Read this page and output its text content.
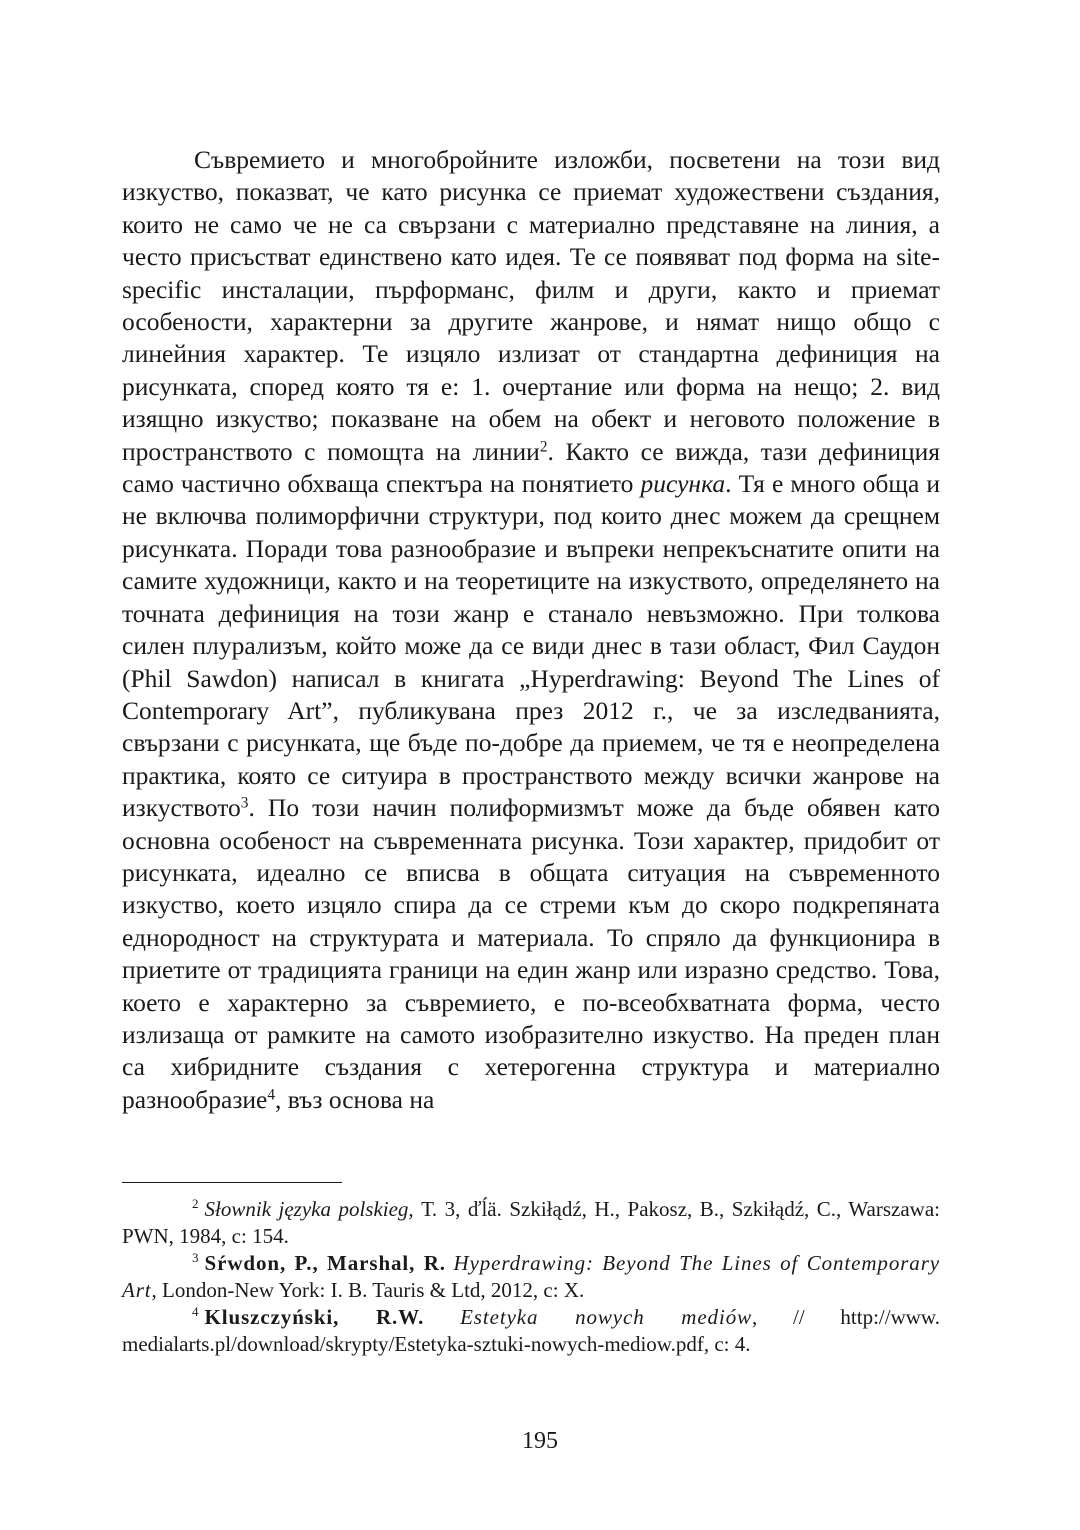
Съвремието и многобройните изложби, посветени на този вид изкуство, показват, че като рисунка се приемат художествени създания, които не само че не са свързани с материално представяне на линия, а често присъстват единствено като идея. Те се появяват под форма на site-specific инсталации, пърформанс, филм и други, както и приемат особености, характерни за другите жанрове, и нямат нищо общо с линейния характер. Те изцяло излизат от стандартна дефиниция на рисунката, според която тя е: 1. очертание или форма на нещо; 2. вид изящно изкуство; показване на обем на обект и неговото положение в пространството с помощта на линии$^2$. Както се вижда, тази дефиниция само частично обхваща спектъра на понятието рисунка. Тя е много обща и не включва полиморфични структури, под които днес можем да срещнем рисунката. Поради това разнообразие и въпреки непрекъснатите опити на самите художници, както и на теоретиците на изкуството, определянето на точната дефиниция на този жанр е станало невъзможно. При толкова силен плурализъм, който може да се види днес в тази област, Фил Саудон (Phil Sawdon) написал в книгата „Hyperdrawing: Beyond The Lines of Contemporary Art”, публикувана през 2012 г., че за изследванията, свързани с рисунката, ще бъде по-добре да приемем, че тя е неопределена практика, която се ситуира в пространството между всички жанрове на изкуството$^3$. По този начин полиформизмът може да бъде обявен като основна особеност на съвременната рисунка. Този характер, придобит от рисунката, идеално се вписва в общата ситуация на съвременното изкуство, което изцяло спира да се стреми към до скоро подкрепяната еднородност на структурата и материала. То спряло да функционира в приетите от традицията граници на един жанр или изразно средство. Това, което е характерно за съвремието, е по-всеобхватната форма, често излизаща от рамките на самото изобразително изкуство. На преден план са хибридните създания с хетерогенна структура и материално разнообразие$^4$, въз основа на

$^2$ Słownik języka polskieg, Т. 3, ďĺä. Szkiłądź, H., Pakosz, B., Szkiłądź, C., Warszawa: PWN, 1984, с: 154.

$^3$ Sŕwdon, P., Marshal, R. Hyperdrawing: Beyond The Lines of Contemporary Art, London-New York: I. B. Tauris & Ltd, 2012, с: X.

$^4$ Kluszczyński, R.W. Estetyka nowych mediów, // http://www. medialarts.pl/download/skrypty/Estetyka-sztuki-nowych-mediow.pdf, с: 4.

195
